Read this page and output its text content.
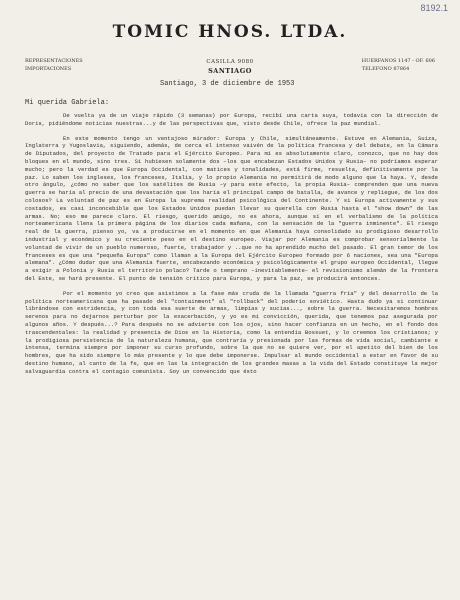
8192.1
TOMIC HNOS. LTDA.
REPRESENTACIONES
IMPORTACIONES
CASILLA 9080
SANTIAGO
HUERFANOS 1147 - OF. 606
TELEFONO 87864
Santiago, 3 de diciembre de 1953
Mi querida Gabriela:

De vuelta ya de un viaje rápido (3 semanas) por Europa, recibí una carta suya, todavía con la dirección de Doris, pidiéndome noticias nuestras...y de las perspectivas que, visto desde Chile, ofrece la paz mundial.

En este momento tengo un ventajoso mirador: Europa y Chile, simultáneamente. Estuve en Alemania, Suiza, Inglaterra y Yugoslavia, siguiendo, además, de cerca el intenso vaivén de la política francesa y del debate, en la Cámara de Diputados, del proyecto de Tratado para el Ejército Europeo. Para mí es absolutamente claro, conozco, que no hay dos bloques en el mundo, sino tres. Si hubiesen solamente dos –los que encabezan Estados Unidos y Rusia– no podríamos esperar mucho; pero la verdad es que Europa Occidental, con matices y tonalidades, está firme, resuelta, definitivamente por la paz. Lo saben los ingleses, los franceses, Italia, y lo propio Alemania no permitirá de modo alguno que la haya. Y, desde otro ángulo, ¿cómo no saber que los satélites de Rusia –y para este efecto, la propia Rusia– comprenden que una nueva guerra se haría al precio de una devastación que los haría el principal campo de batalla, de avance y repliegue, de los dos colosos? La voluntad de paz es en Europa la suprema realidad psicológica del Continente. Y si Europa activamente y sus costados, es casi inconcebible que los Estados Unidos puedan llevar su querella con Rusia hasta el "show down" de las armas. No; eso me parece claro. El riesgo, querido amigo, no es ahora, aunque sí en el verbalismo de la política norteamericana llena la primera página de los diarios cada mañana, con la sensación de la "guerra inminente". El riesgo real de la guerra, pienso yo, va a producirse en el momento en que Alemania haya consolidado su prodigioso desarrollo industrial y económico y su creciente peso en el destino europeo. Viajar por Alemania es comprobar sensorialmente la voluntad de vivir de un pueblo numeroso, fuerte, trabajador y ..que no ha aprendido mucho del pasado. El gran temor de los franceses es que una "pequeña Europa" como llaman a la Europa del Ejército Europeo formado por 6 naciones, sea una "Europa alemana". ¿Cómo dudar que una Alemania fuerte, encabezando económica y psicológicamente el grupo europeo Occidental, llegue a exigir a Polonia y Rusia el territorio polaco? Tarde o temprano –inevitablemente– el revisionismo alemán de la frontera del Este, se hará presente. El punto de tensión crítico para Europa, y para la paz, se producirá entonces.

Por el momento yo creo que asistimos a la fase más cruda de la llamada "guerra fría" y del desarrollo de la política norteamericana que ha pasado del "containment" al "rollback" del poderío soviético. Hasta dudo ya si continuar librándose con estridencia, y con toda esa suerte de armas, limpias y sucias..., sobre la guerra. Necesitaremos hombres serenos para no dejarnos perturbar por la exacerbación, y yo es mi convicción, querida, que tenemos paz asegurada por algunos años. Y después...? Para después no se advierte con los ojos, sino hacer confianza en un hecho, en el fondo dos trascendentales: la realidad y presencia de Dios en la Historia, como la entendía Bossuet, y lo creemos los cristianos; y la prodigiosa persistencia de la naturaleza humana, que contraría y presionada por las formas de vida social, cambiante e intensa, termina siempre por imponer su curso profundo, sobre la que no se quiere ver, por el apetito del bien de los hombres, que ha sido siempre lo más presente y lo que debe imponerse. Impulsar al mundo occidental a estar en favor de su destino humano, al canto de la fe, que en las la integración de los grandes masas a la vida del Estado constituye la mejor salvaguardia contra el contagio comunista. Soy un convencido que ésto
